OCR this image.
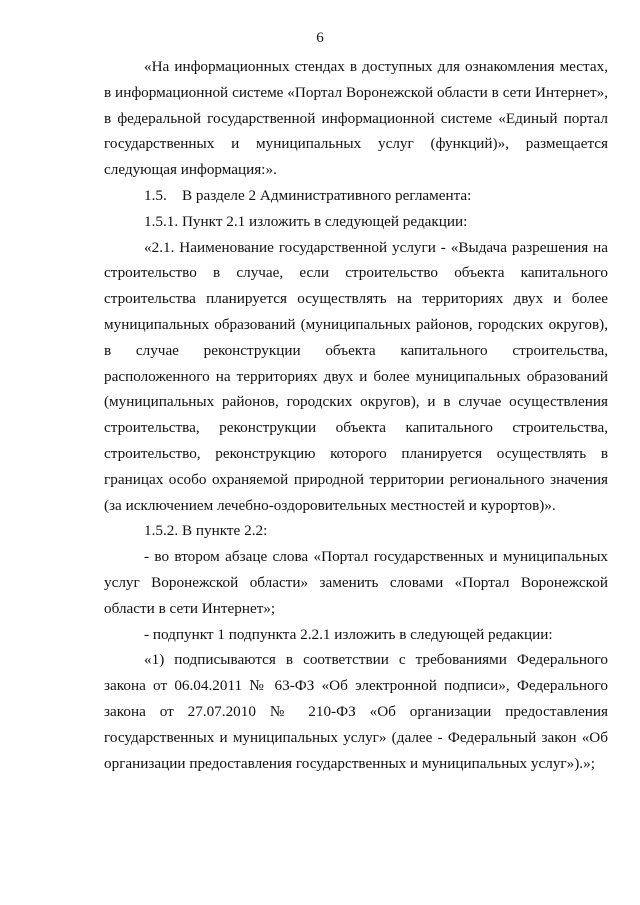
6

«На информационных стендах в доступных для ознакомления местах, в информационной системе «Портал Воронежской области в сети Интернет», в федеральной государственной информационной системе «Единый портал государственных и муниципальных услуг (функций)», размещается следующая информация:».

1.5.    В разделе 2 Административного регламента:

1.5.1. Пункт 2.1 изложить в следующей редакции:

«2.1. Наименование государственной услуги - «Выдача разрешения на строительство в случае, если строительство объекта капитального строительства планируется осуществлять на территориях двух и более муниципальных образований (муниципальных районов, городских округов), в случае реконструкции объекта капитального строительства, расположенного на территориях двух и более муниципальных образований (муниципальных районов, городских округов), и в случае осуществления строительства, реконструкции объекта капитального строительства, строительство, реконструкцию которого планируется осуществлять в границах особо охраняемой природной территории регионального значения (за исключением лечебно-оздоровительных местностей и курортов)».

1.5.2. В пункте 2.2:

- во втором абзаце слова «Портал государственных и муниципальных услуг Воронежской области» заменить словами «Портал Воронежской области в сети Интернет»;

- подпункт 1 подпункта 2.2.1 изложить в следующей редакции:

«1) подписываются в соответствии с требованиями Федерального закона от 06.04.2011 № 63-ФЗ «Об электронной подписи», Федерального закона от 27.07.2010 № 210-ФЗ «Об организации предоставления государственных и муниципальных услуг» (далее - Федеральный закон «Об организации предоставления государственных и муниципальных услуг»).»;
